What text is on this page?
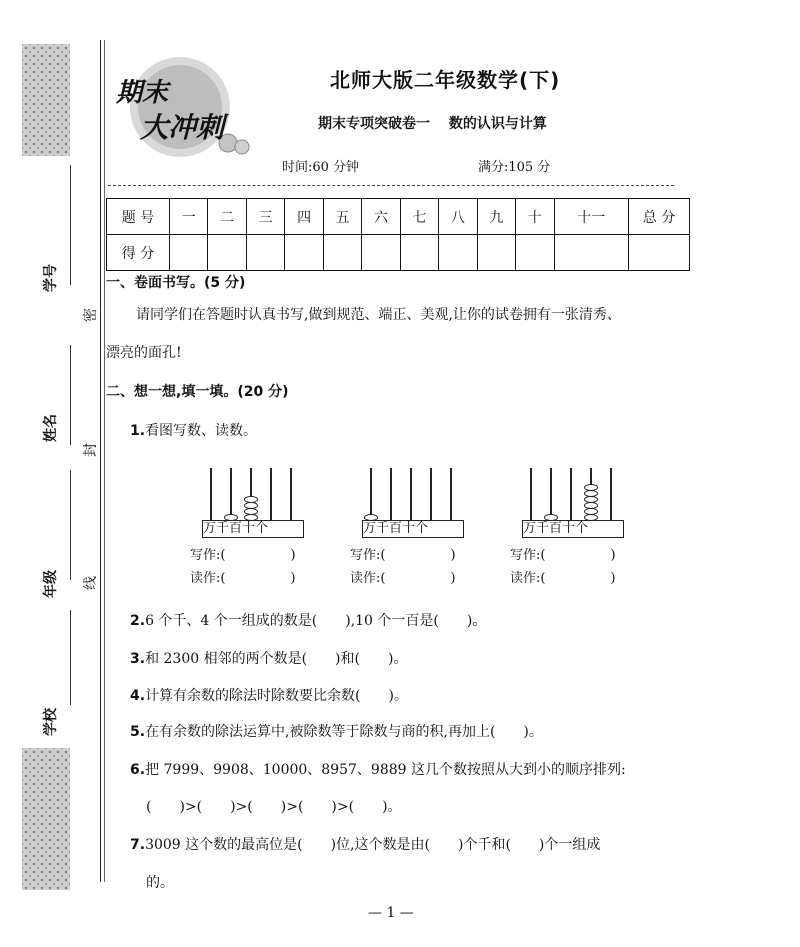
学号
姓名
年级
学校
密
封
线
期末
大冲刺
北师大版二年级数学(下)
期末专项突破卷一　 数的认识与计算
时间:60 分钟	满分:105 分
题 号	一	二	三	四	五	六	七	八	九	十	十一	总 分
得 分												
一、卷面书写。(5 分)
请同学们在答题时认真书写,做到规范、端正、美观,让你的试卷拥有一张清秀、
漂亮的面孔!
二、想一想,填一填。(20 分)
1.看图写数、读数。
万千百十个
写作:(　　　　　)
读作:(　　　　　)
万千百十个
写作:(　　　　　)
读作:(　　　　　)
万千百十个
写作:(　　　　　)
读作:(　　　　　)
2.6 个千、4 个一组成的数是(　　),10 个一百是(　　)。
3.和 2300 相邻的两个数是(　　)和(　　)。
4.计算有余数的除法时除数要比余数(　　)。
5.在有余数的除法运算中,被除数等于除数与商的积,再加上(　　)。
6.把 7999、9908、10000、8957、9889 这几个数按照从大到小的顺序排列:
(　　)>(　　)>(　　)>(　　)>(　　)。
7.3009 这个数的最高位是(　　)位,这个数是由(　　)个千和(　　)个一组成
的。
— 1 —
